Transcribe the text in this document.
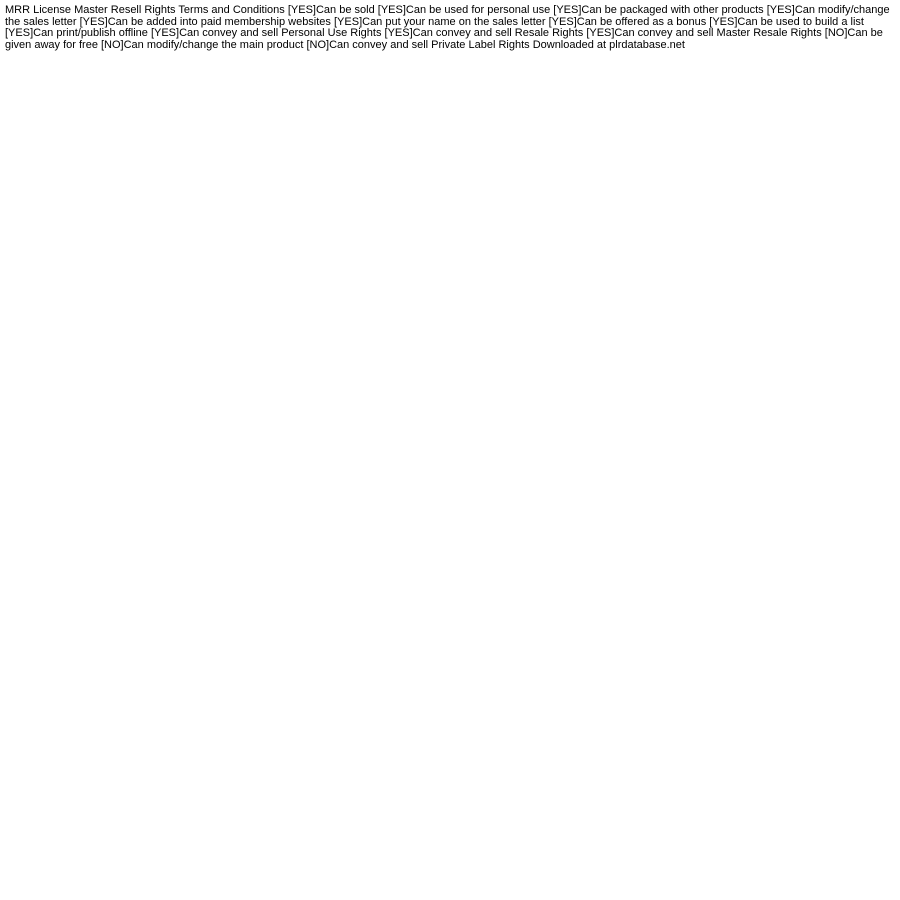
MRR License Master Resell Rights Terms and Conditions [YES]Can be sold [YES]Can be used for personal use [YES]Can be packaged with other products [YES]Can modify/change the sales letter [YES]Can be added into paid membership websites [YES]Can put your name on the sales letter [YES]Can be offered as a bonus [YES]Can be used to build a list [YES]Can print/publish offline [YES]Can convey and sell Personal Use Rights [YES]Can convey and sell Resale Rights [YES]Can convey and sell Master Resale Rights [NO]Can be given away for free [NO]Can modify/change the main product [NO]Can convey and sell Private Label Rights Downloaded at plrdatabase.net
